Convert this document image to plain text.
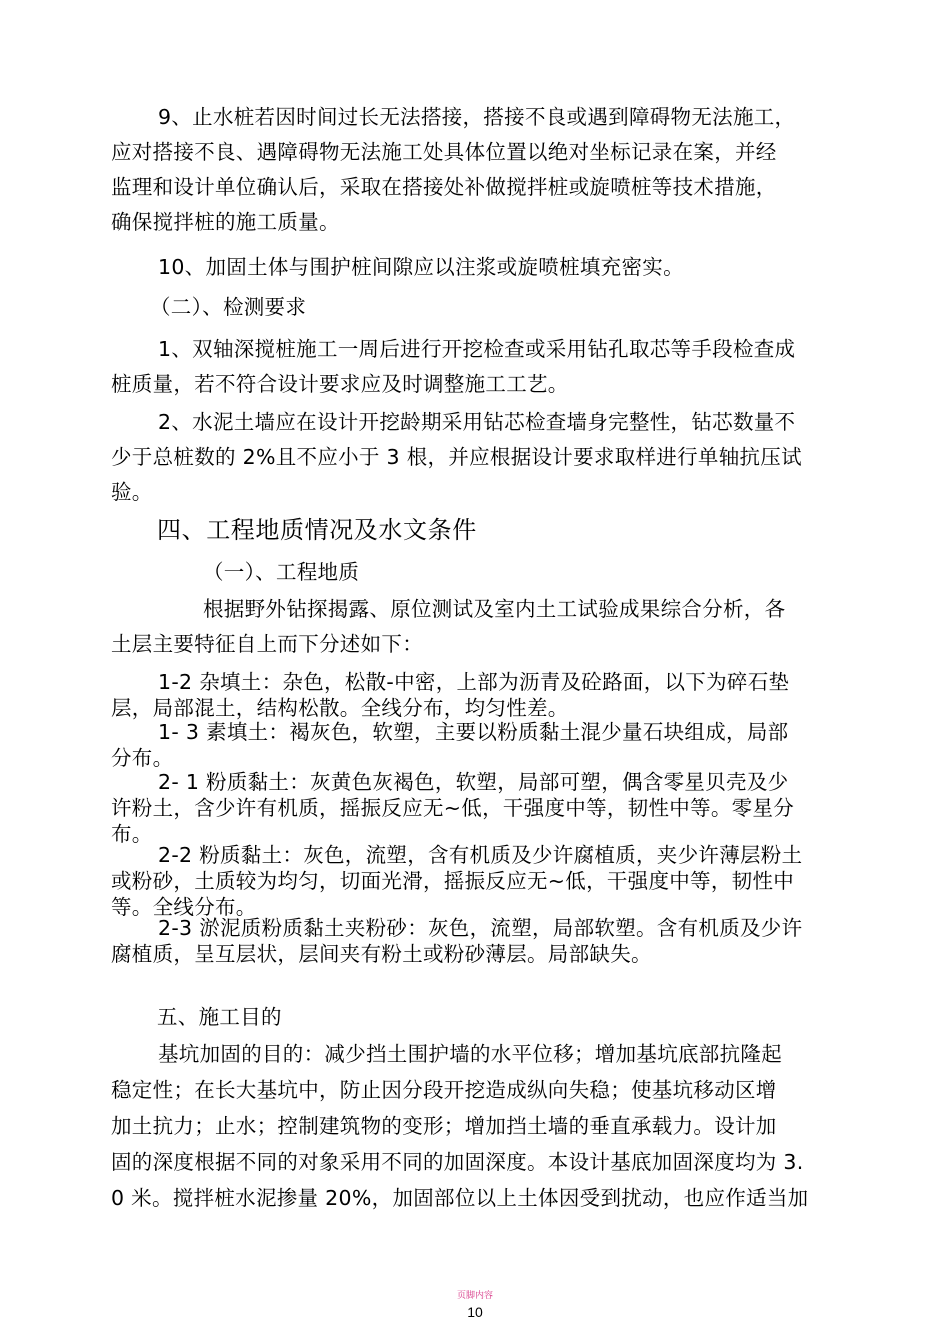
9、止水桩若因时间过长无法搭接，搭接不良或遇到障碍物无法施工，
应对搭接不良、遇障碍物无法施工处具体位置以绝对坐标记录在案，并经
监理和设计单位确认后，采取在搭接处补做搅拌桩或旋喷桩等技术措施，
确保搅拌桩的施工质量。
10、加固土体与围护桩间隙应以注浆或旋喷桩填充密实。
（二）、检测要求
1、双轴深搅桩施工一周后进行开挖检查或采用钻孔取芯等手段检查成
桩质量，若不符合设计要求应及时调整施工工艺。
2、水泥土墙应在设计开挖龄期采用钻芯检查墙身完整性，钻芯数量不
少于总桩数的 2%且不应小于 3 根，并应根据设计要求取样进行单轴抗压试
验。
四、工程地质情况及水文条件
（一）、工程地质
根据野外钻探揭露、原位测试及室内土工试验成果综合分析，各
土层主要特征自上而下分述如下：
1-2 杂填土：杂色，松散-中密，上部为沥青及砼路面，以下为碎石垫
层，局部混土，结构松散。全线分布，均匀性差。
1- 3 素填土：褐灰色，软塑，主要以粉质黏土混少量石块组成，局部
分布。
2- 1 粉质黏土：灰黄色灰褐色，软塑，局部可塑，偶含零星贝壳及少
许粉土，含少许有机质，摇振反应无~低，干强度中等，韧性中等。零星分
布。
2-2 粉质黏土：灰色，流塑，含有机质及少许腐植质，夹少许薄层粉土
或粉砂，土质较为均匀，切面光滑，摇振反应无~低，干强度中等，韧性中
等。全线分布。
2-3 淤泥质粉质黏土夹粉砂：灰色，流塑，局部软塑。含有机质及少许
腐植质，呈互层状，层间夹有粉土或粉砂薄层。局部缺失。
五、施工目的
基坑加固的目的：减少挡土围护墙的水平位移；增加基坑底部抗隆起
稳定性；在长大基坑中，防止因分段开挖造成纵向失稳；使基坑移动区增
加土抗力；止水；控制建筑物的变形；增加挡土墙的垂直承载力。设计加
固的深度根据不同的对象采用不同的加固深度。本设计基底加固深度均为 3.
0 米。搅拌桩水泥掺量 20%，加固部位以上土体因受到扰动，也应作适当加
页脚内容
10
